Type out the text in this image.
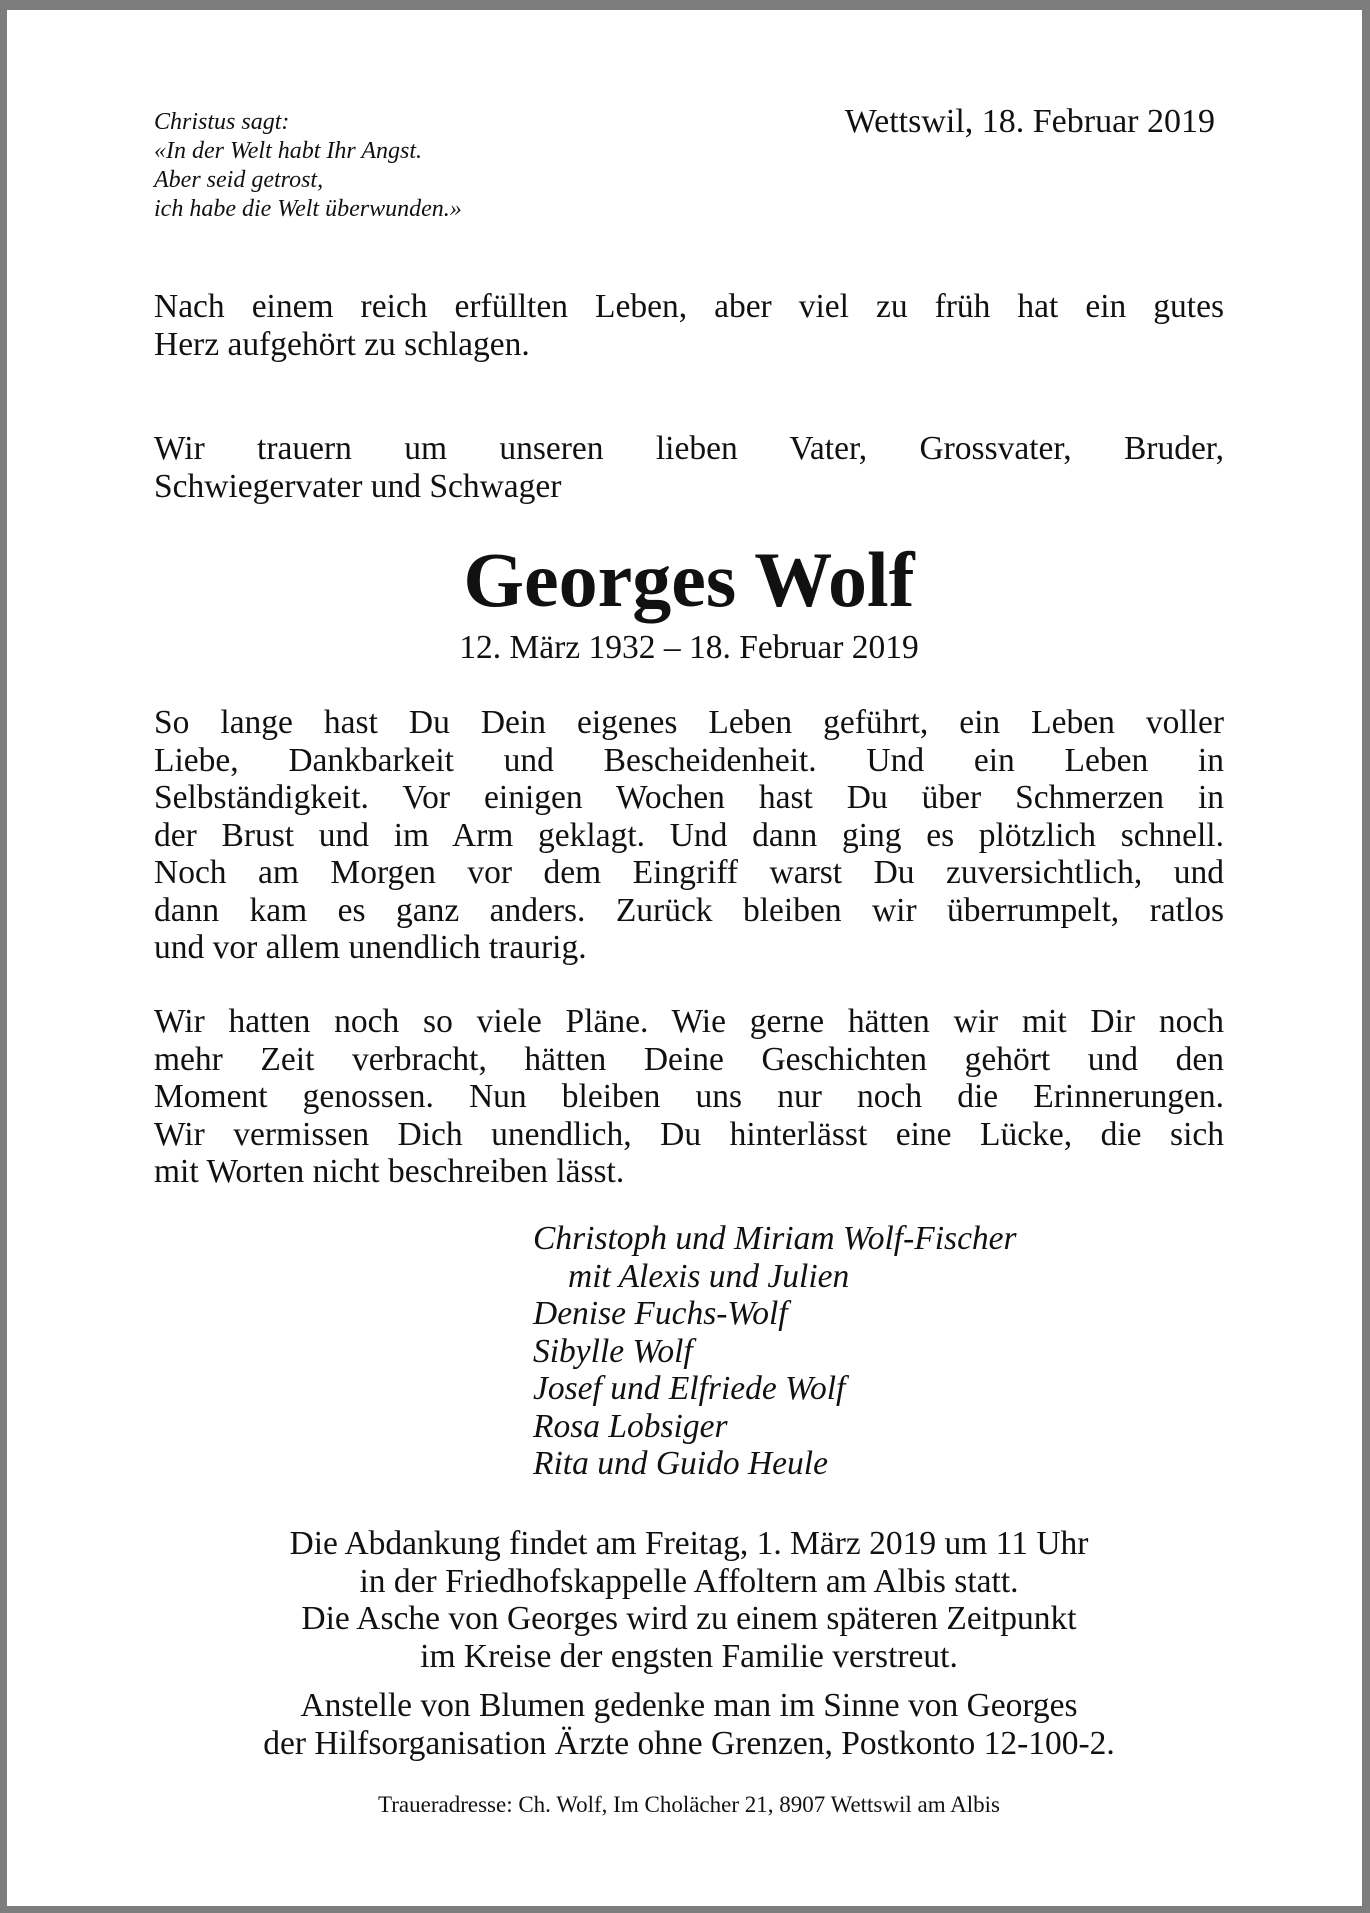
Christus sagt:
«In der Welt habt Ihr Angst.
Aber seid getrost,
ich habe die Welt überwunden.»
Wettswil, 18. Februar 2019
Nach einem reich erfüllten Leben, aber viel zu früh hat ein gutes
Herz aufgehört zu schlagen.
Wir trauern um unseren lieben Vater, Grossvater, Bruder,
Schwiegervater und Schwager
Georges Wolf
12. März 1932 – 18. Februar 2019
So lange hast Du Dein eigenes Leben geführt, ein Leben voller
Liebe, Dankbarkeit und Bescheidenheit. Und ein Leben in
Selbständigkeit. Vor einigen Wochen hast Du über Schmerzen in
der Brust und im Arm geklagt. Und dann ging es plötzlich schnell.
Noch am Morgen vor dem Eingriff warst Du zuversichtlich, und
dann kam es ganz anders. Zurück bleiben wir überrumpelt, ratlos
und vor allem unendlich traurig.
Wir hatten noch so viele Pläne. Wie gerne hätten wir mit Dir noch
mehr Zeit verbracht, hätten Deine Geschichten gehört und den
Moment genossen. Nun bleiben uns nur noch die Erinnerungen.
Wir vermissen Dich unendlich, Du hinterlässt eine Lücke, die sich
mit Worten nicht beschreiben lässt.
Christoph und Miriam Wolf-Fischer
mit Alexis und Julien
Denise Fuchs-Wolf
Sibylle Wolf
Josef und Elfriede Wolf
Rosa Lobsiger
Rita und Guido Heule
Die Abdankung findet am Freitag, 1. März 2019 um 11 Uhr
in der Friedhofskappelle Affoltern am Albis statt.
Die Asche von Georges wird zu einem späteren Zeitpunkt
im Kreise der engsten Familie verstreut.
Anstelle von Blumen gedenke man im Sinne von Georges
der Hilfsorganisation Ärzte ohne Grenzen, Postkonto 12-100-2.
Traueradresse: Ch. Wolf, Im Cholächer 21, 8907 Wettswil am Albis
